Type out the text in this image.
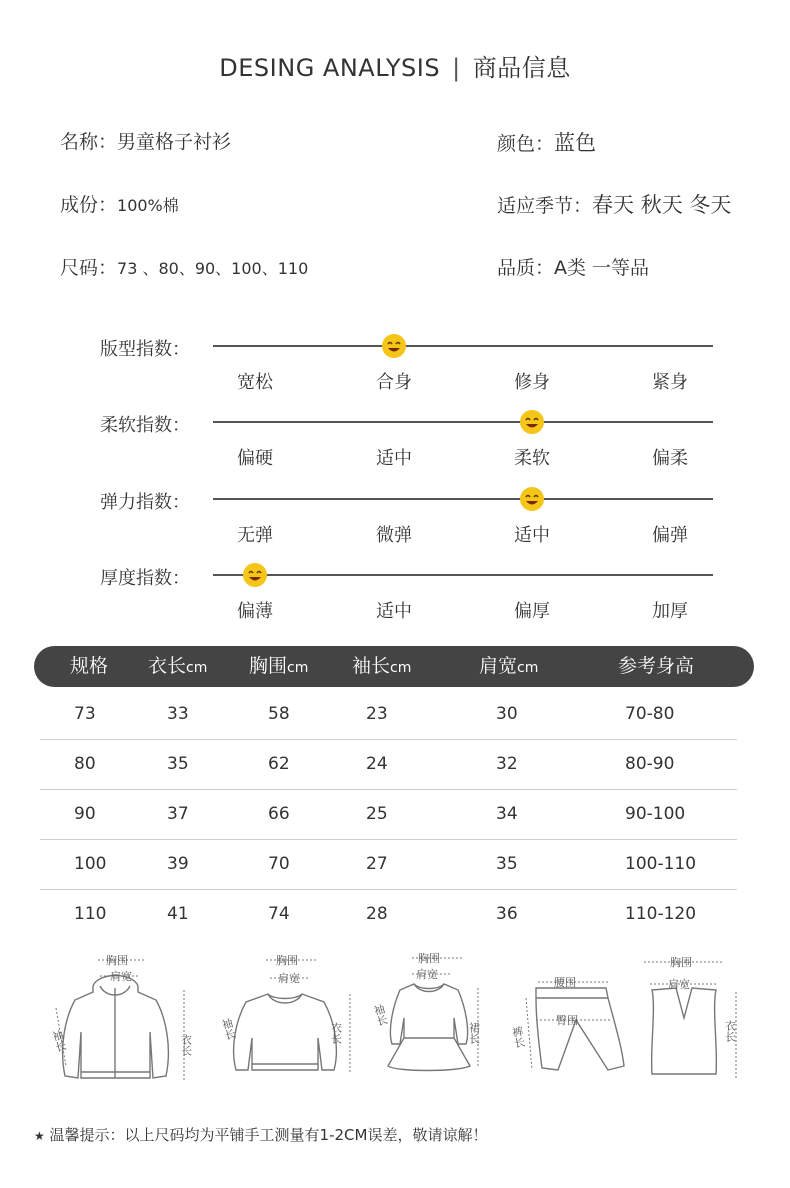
DESING ANALYSIS | 商品信息
名称：男童格子衬衫	颜色：蓝色
成份：100%棉	适应季节：春天 秋天 冬天
尺码：73 、80、90、100、110	品质：A类 一等品
版型指数：
宽松	合身	修身	紧身
柔软指数：
偏硬	适中	柔软	偏柔
弹力指数：
无弹	微弹	适中	偏弹
厚度指数：
偏薄	适中	偏厚	加厚
规格 衣长cm 胸围cm 袖长cm	肩宽cm	参考身高
73	33	58	23	30	70-80
80	35	62	24	32	80-90
90	37	66	25	34	90-100
100	39	70	27	35	100-110
110	41	74	28	36	110-120
胸围
肩宽
衣长
袖长
胸围
肩宽
衣长
袖长
胸围
肩宽
裙长
袖长
腰围
臀围
裤长
胸围
肩宽
衣长
★ 温馨提示：以上尺码均为平铺手工测量有1-2CM误差，敬请谅解！
